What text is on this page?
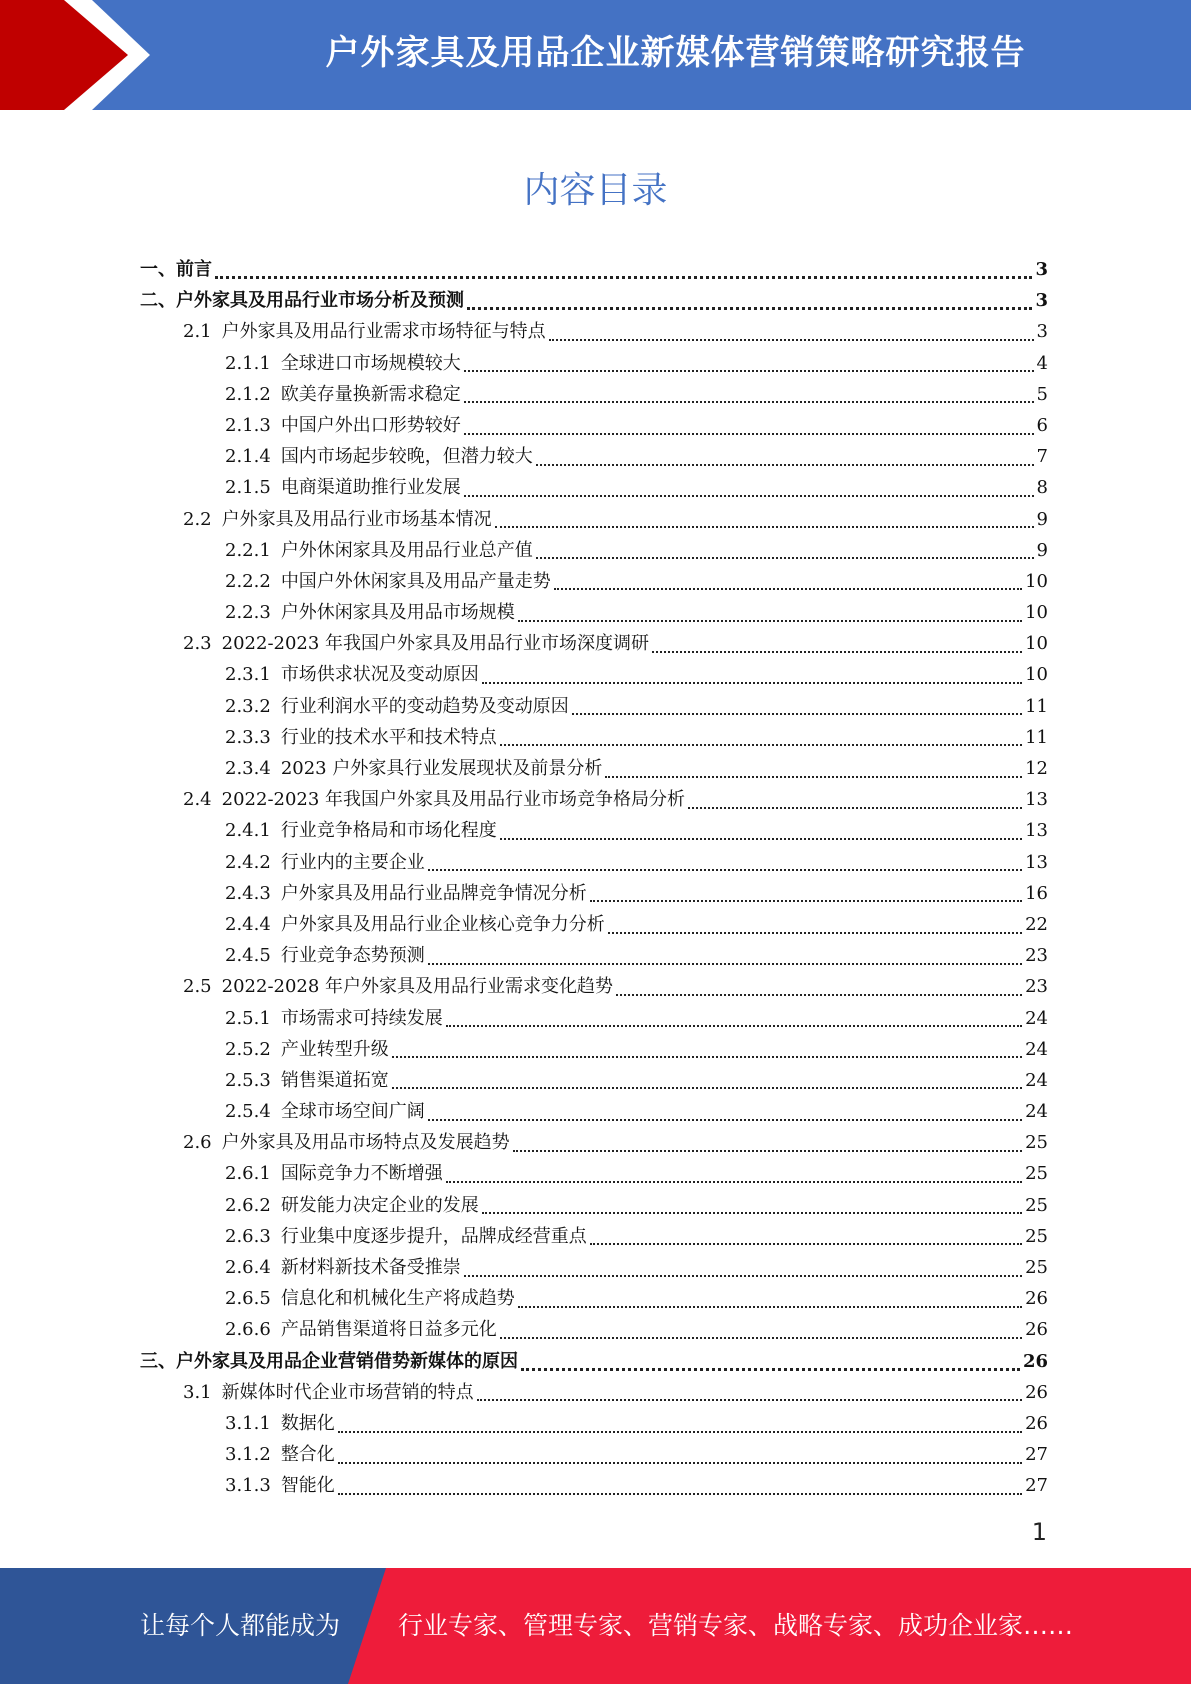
户外家具及用品企业新媒体营销策略研究报告
内容目录
一、 前言	3
二、 户外家具及用品行业市场分析及预测	3
2.1 户外家具及用品行业需求市场特征与特点	3
2.1.1 全球进口市场规模较大	4
2.1.2 欧美存量换新需求稳定	5
2.1.3 中国户外出口形势较好	6
2.1.4 国内市场起步较晚，但潜力较大	7
2.1.5 电商渠道助推行业发展	8
2.2 户外家具及用品行业市场基本情况	9
2.2.1 户外休闲家具及用品行业总产值	9
2.2.2 中国户外休闲家具及用品产量走势	10
2.2.3 户外休闲家具及用品市场规模	10
2.3 2022-2023 年我国户外家具及用品行业市场深度调研	10
2.3.1 市场供求状况及变动原因	10
2.3.2 行业利润水平的变动趋势及变动原因	11
2.3.3 行业的技术水平和技术特点	11
2.3.4 2023 户外家具行业发展现状及前景分析	12
2.4 2022-2023 年我国户外家具及用品行业市场竞争格局分析	13
2.4.1 行业竞争格局和市场化程度	13
2.4.2 行业内的主要企业	13
2.4.3 户外家具及用品行业品牌竞争情况分析	16
2.4.4 户外家具及用品行业企业核心竞争力分析	22
2.4.5 行业竞争态势预测	23
2.5 2022-2028 年户外家具及用品行业需求变化趋势	23
2.5.1 市场需求可持续发展	24
2.5.2 产业转型升级	24
2.5.3 销售渠道拓宽	24
2.5.4 全球市场空间广阔	24
2.6 户外家具及用品市场特点及发展趋势	25
2.6.1 国际竞争力不断增强	25
2.6.2 研发能力决定企业的发展	25
2.6.3 行业集中度逐步提升，品牌成经营重点	25
2.6.4 新材料新技术备受推崇	25
2.6.5 信息化和机械化生产将成趋势	26
2.6.6 产品销售渠道将日益多元化	26
三、 户外家具及用品企业营销借势新媒体的原因	26
3.1 新媒体时代企业市场营销的特点	26
3.1.1 数据化	26
3.1.2 整合化	27
3.1.3 智能化	27
1
让每个人都能成为 行业专家、管理专家、营销专家、战略专家、成功企业家……
